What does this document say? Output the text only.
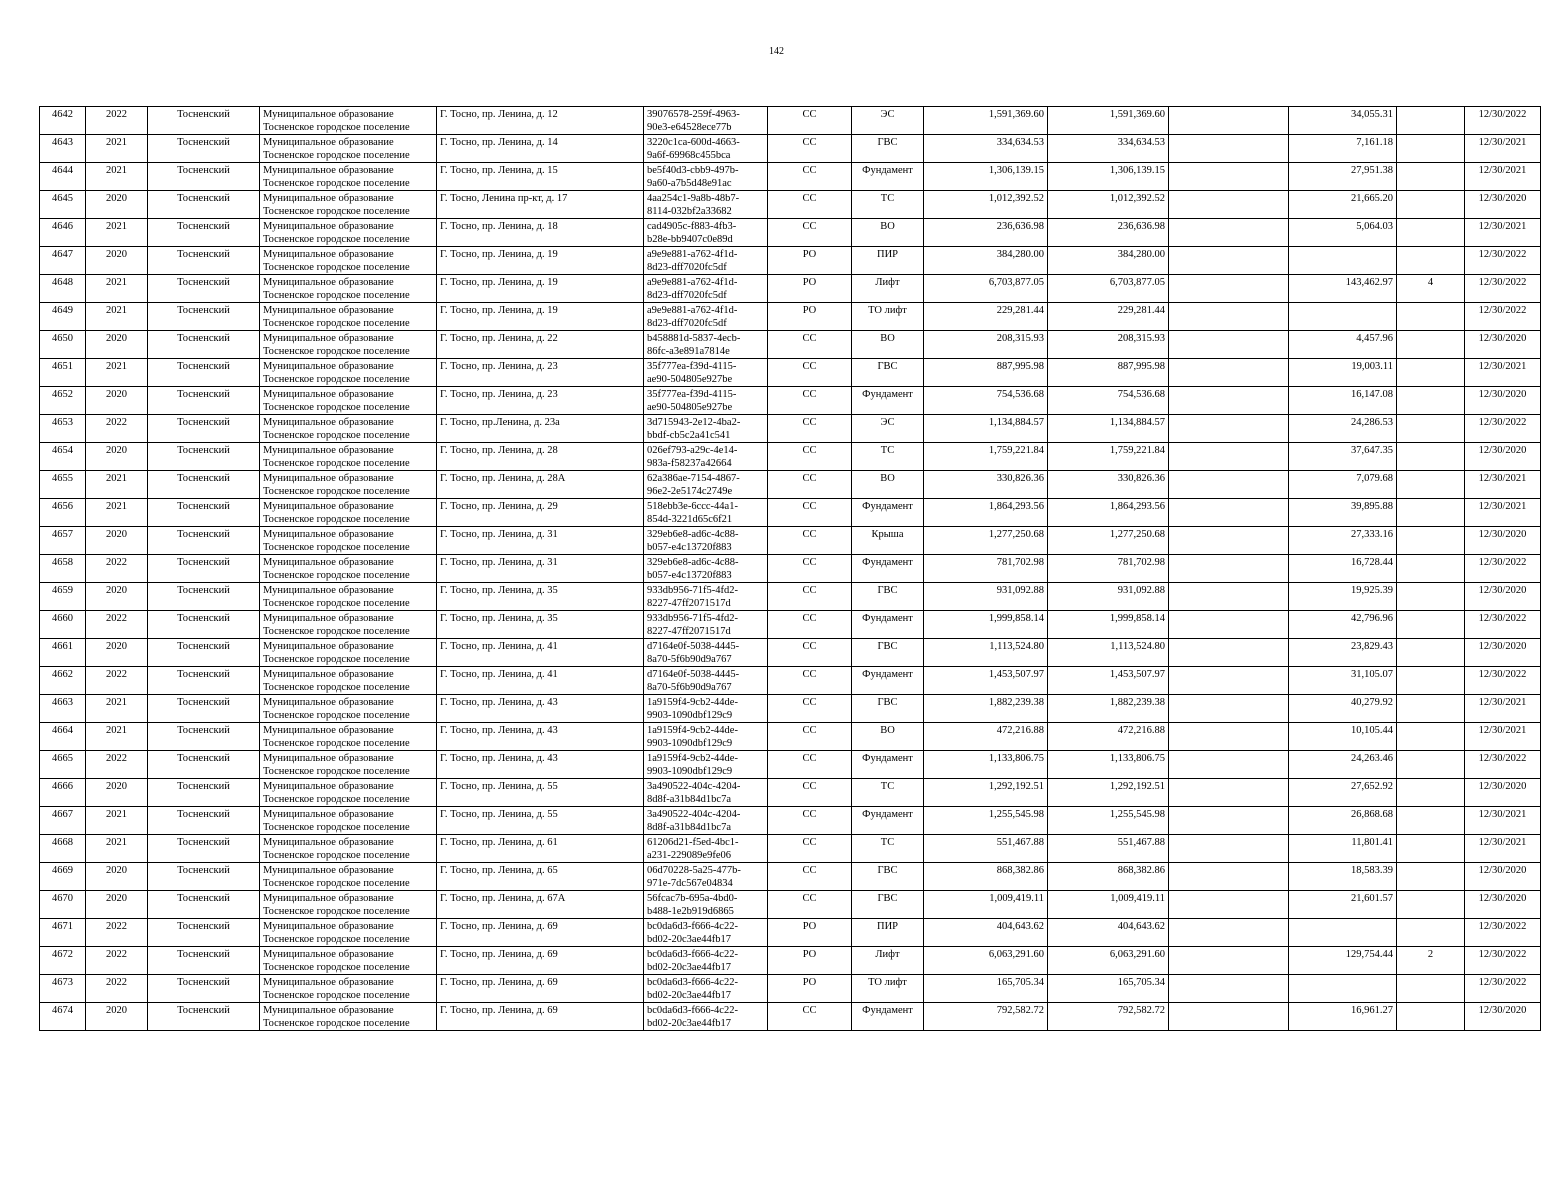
142
4642	2022	Тосненский	Муниципальное образование
Тосненское городское поселение	Г. Тосно, пр. Ленина, д. 12	39076578-259f-4963-
90e3-e64528ece77b	СС	ЭС	1,591,369.60	1,591,369.60		34,055.31		12/30/2022
4643	2021	Тосненский	Муниципальное образование
Тосненское городское поселение	Г. Тосно, пр. Ленина, д. 14	3220c1ca-600d-4663-
9a6f-69968c455bca	СС	ГВС	334,634.53	334,634.53		7,161.18		12/30/2021
4644	2021	Тосненский	Муниципальное образование
Тосненское городское поселение	Г. Тосно, пр. Ленина, д. 15	be5f40d3-cbb9-497b-
9a60-a7b5d48e91ac	СС	Фундамент	1,306,139.15	1,306,139.15		27,951.38		12/30/2021
4645	2020	Тосненский	Муниципальное образование
Тосненское городское поселение	Г. Тосно, Ленина пр-кт, д. 17	4aa254c1-9a8b-48b7-
8114-032bf2a33682	СС	ТС	1,012,392.52	1,012,392.52		21,665.20		12/30/2020
4646	2021	Тосненский	Муниципальное образование
Тосненское городское поселение	Г. Тосно, пр. Ленина, д. 18	cad4905c-f883-4fb3-
b28e-bb9407c0e89d	СС	ВО	236,636.98	236,636.98		5,064.03		12/30/2021
4647	2020	Тосненский	Муниципальное образование
Тосненское городское поселение	Г. Тосно, пр. Ленина, д. 19	a9e9e881-a762-4f1d-
8d23-dff7020fc5df	РО	ПИР	384,280.00	384,280.00				12/30/2022
4648	2021	Тосненский	Муниципальное образование
Тосненское городское поселение	Г. Тосно, пр. Ленина, д. 19	a9e9e881-a762-4f1d-
8d23-dff7020fc5df	РО	Лифт	6,703,877.05	6,703,877.05		143,462.97	4	12/30/2022
4649	2021	Тосненский	Муниципальное образование
Тосненское городское поселение	Г. Тосно, пр. Ленина, д. 19	a9e9e881-a762-4f1d-
8d23-dff7020fc5df	РО	ТО лифт	229,281.44	229,281.44				12/30/2022
4650	2020	Тосненский	Муниципальное образование
Тосненское городское поселение	Г. Тосно, пр. Ленина, д. 22	b458881d-5837-4ecb-
86fc-a3e891a7814e	СС	ВО	208,315.93	208,315.93		4,457.96		12/30/2020
4651	2021	Тосненский	Муниципальное образование
Тосненское городское поселение	Г. Тосно, пр. Ленина, д. 23	35f777ea-f39d-4115-
ae90-504805e927be	СС	ГВС	887,995.98	887,995.98		19,003.11		12/30/2021
4652	2020	Тосненский	Муниципальное образование
Тосненское городское поселение	Г. Тосно, пр. Ленина, д. 23	35f777ea-f39d-4115-
ae90-504805e927be	СС	Фундамент	754,536.68	754,536.68		16,147.08		12/30/2020
4653	2022	Тосненский	Муниципальное образование
Тосненское городское поселение	Г. Тосно, пр.Ленина, д. 23а	3d715943-2e12-4ba2-
bbdf-cb5c2a41c541	СС	ЭС	1,134,884.57	1,134,884.57		24,286.53		12/30/2022
4654	2020	Тосненский	Муниципальное образование
Тосненское городское поселение	Г. Тосно, пр. Ленина, д. 28	026ef793-a29c-4e14-
983a-f58237a42664	СС	ТС	1,759,221.84	1,759,221.84		37,647.35		12/30/2020
4655	2021	Тосненский	Муниципальное образование
Тосненское городское поселение	Г. Тосно, пр. Ленина, д. 28А	62a386ae-7154-4867-
96e2-2e5174c2749e	СС	ВО	330,826.36	330,826.36		7,079.68		12/30/2021
4656	2021	Тосненский	Муниципальное образование
Тосненское городское поселение	Г. Тосно, пр. Ленина, д. 29	518ebb3e-6ccc-44a1-
854d-3221d65c6f21	СС	Фундамент	1,864,293.56	1,864,293.56		39,895.88		12/30/2021
4657	2020	Тосненский	Муниципальное образование
Тосненское городское поселение	Г. Тосно, пр. Ленина, д. 31	329eb6e8-ad6c-4c88-
b057-e4c13720f883	СС	Крыша	1,277,250.68	1,277,250.68		27,333.16		12/30/2020
4658	2022	Тосненский	Муниципальное образование
Тосненское городское поселение	Г. Тосно, пр. Ленина, д. 31	329eb6e8-ad6c-4c88-
b057-e4c13720f883	СС	Фундамент	781,702.98	781,702.98		16,728.44		12/30/2022
4659	2020	Тосненский	Муниципальное образование
Тосненское городское поселение	Г. Тосно, пр. Ленина, д. 35	933db956-71f5-4fd2-
8227-47ff2071517d	СС	ГВС	931,092.88	931,092.88		19,925.39		12/30/2020
4660	2022	Тосненский	Муниципальное образование
Тосненское городское поселение	Г. Тосно, пр. Ленина, д. 35	933db956-71f5-4fd2-
8227-47ff2071517d	СС	Фундамент	1,999,858.14	1,999,858.14		42,796.96		12/30/2022
4661	2020	Тосненский	Муниципальное образование
Тосненское городское поселение	Г. Тосно, пр. Ленина, д. 41	d7164e0f-5038-4445-
8a70-5f6b90d9a767	СС	ГВС	1,113,524.80	1,113,524.80		23,829.43		12/30/2020
4662	2022	Тосненский	Муниципальное образование
Тосненское городское поселение	Г. Тосно, пр. Ленина, д. 41	d7164e0f-5038-4445-
8a70-5f6b90d9a767	СС	Фундамент	1,453,507.97	1,453,507.97		31,105.07		12/30/2022
4663	2021	Тосненский	Муниципальное образование
Тосненское городское поселение	Г. Тосно, пр. Ленина, д. 43	1a9159f4-9cb2-44de-
9903-1090dbf129c9	СС	ГВС	1,882,239.38	1,882,239.38		40,279.92		12/30/2021
4664	2021	Тосненский	Муниципальное образование
Тосненское городское поселение	Г. Тосно, пр. Ленина, д. 43	1a9159f4-9cb2-44de-
9903-1090dbf129c9	СС	ВО	472,216.88	472,216.88		10,105.44		12/30/2021
4665	2022	Тосненский	Муниципальное образование
Тосненское городское поселение	Г. Тосно, пр. Ленина, д. 43	1a9159f4-9cb2-44de-
9903-1090dbf129c9	СС	Фундамент	1,133,806.75	1,133,806.75		24,263.46		12/30/2022
4666	2020	Тосненский	Муниципальное образование
Тосненское городское поселение	Г. Тосно, пр. Ленина, д. 55	3a490522-404c-4204-
8d8f-a31b84d1bc7a	СС	ТС	1,292,192.51	1,292,192.51		27,652.92		12/30/2020
4667	2021	Тосненский	Муниципальное образование
Тосненское городское поселение	Г. Тосно, пр. Ленина, д. 55	3a490522-404c-4204-
8d8f-a31b84d1bc7a	СС	Фундамент	1,255,545.98	1,255,545.98		26,868.68		12/30/2021
4668	2021	Тосненский	Муниципальное образование
Тосненское городское поселение	Г. Тосно, пр. Ленина, д. 61	61206d21-f5ed-4bc1-
a231-229089e9fe06	СС	ТС	551,467.88	551,467.88		11,801.41		12/30/2021
4669	2020	Тосненский	Муниципальное образование
Тосненское городское поселение	Г. Тосно, пр. Ленина, д. 65	06d70228-5a25-477b-
971e-7dc567e04834	СС	ГВС	868,382.86	868,382.86		18,583.39		12/30/2020
4670	2020	Тосненский	Муниципальное образование
Тосненское городское поселение	Г. Тосно, пр. Ленина, д. 67А	56fcac7b-695a-4bd0-
b488-1e2b919d6865	СС	ГВС	1,009,419.11	1,009,419.11		21,601.57		12/30/2020
4671	2022	Тосненский	Муниципальное образование
Тосненское городское поселение	Г. Тосно, пр. Ленина, д. 69	bc0da6d3-f666-4c22-
bd02-20c3ae44fb17	РО	ПИР	404,643.62	404,643.62				12/30/2022
4672	2022	Тосненский	Муниципальное образование
Тосненское городское поселение	Г. Тосно, пр. Ленина, д. 69	bc0da6d3-f666-4c22-
bd02-20c3ae44fb17	РО	Лифт	6,063,291.60	6,063,291.60		129,754.44	2	12/30/2022
4673	2022	Тосненский	Муниципальное образование
Тосненское городское поселение	Г. Тосно, пр. Ленина, д. 69	bc0da6d3-f666-4c22-
bd02-20c3ae44fb17	РО	ТО лифт	165,705.34	165,705.34				12/30/2022
4674	2020	Тосненский	Муниципальное образование
Тосненское городское поселение	Г. Тосно, пр. Ленина, д. 69	bc0da6d3-f666-4c22-
bd02-20c3ae44fb17	СС	Фундамент	792,582.72	792,582.72		16,961.27		12/30/2020
